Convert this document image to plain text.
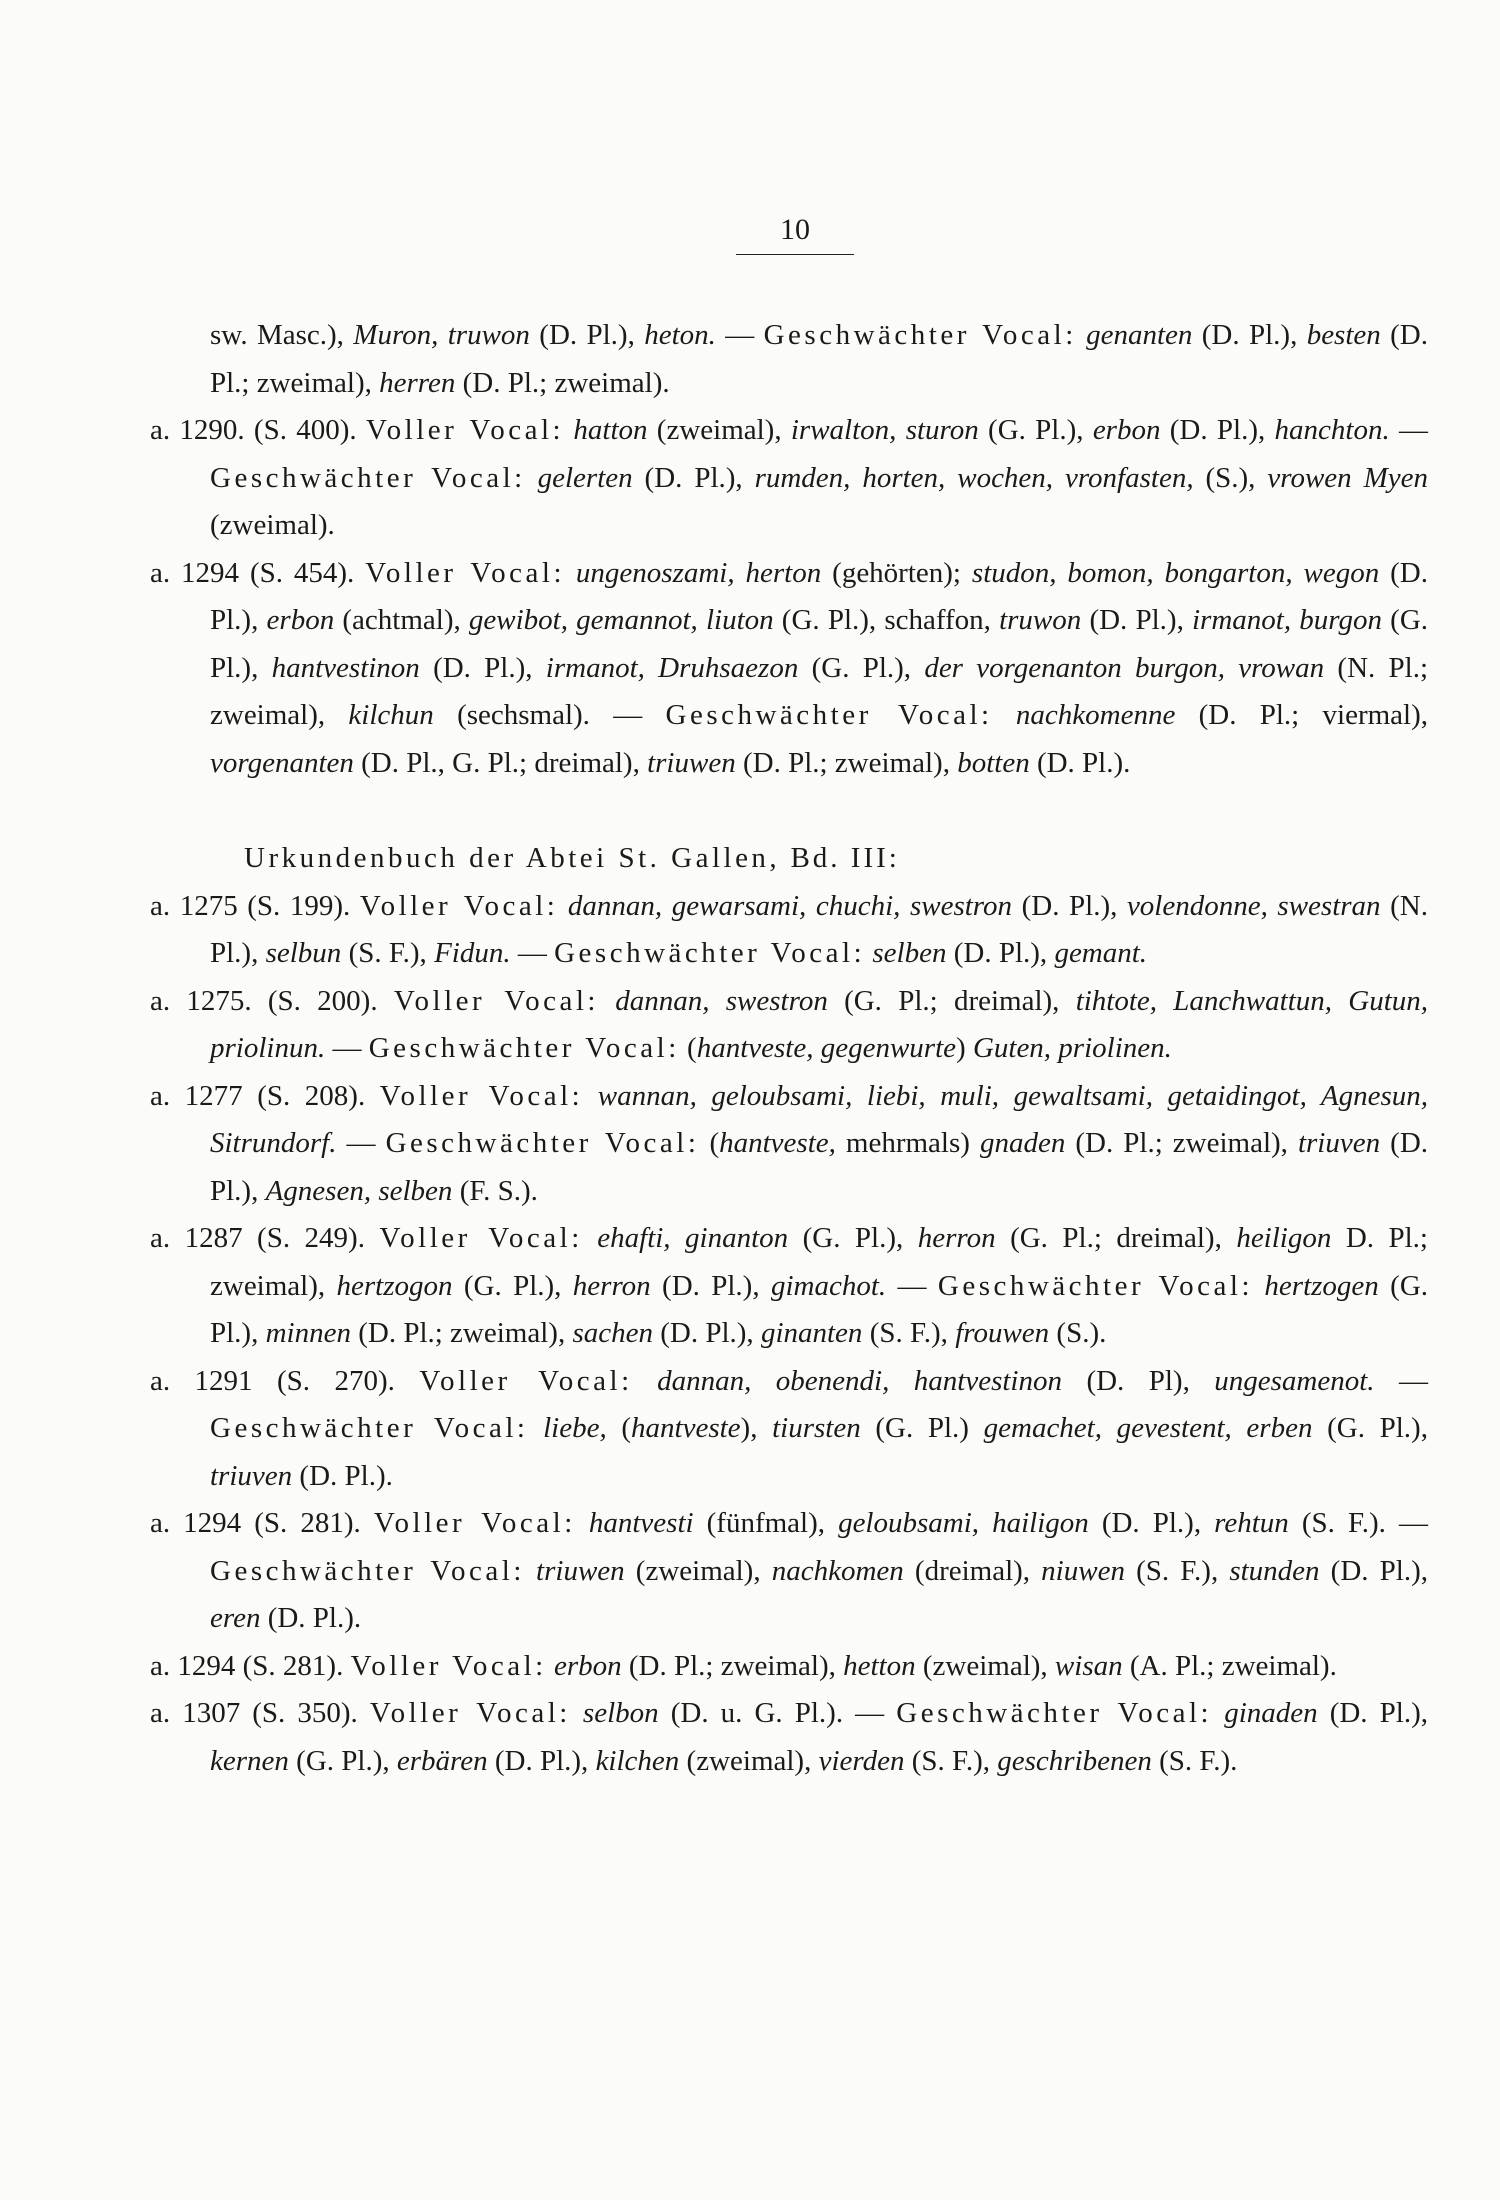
10

sw. Masc.), Muron, truwon (D. Pl.), heton. — Geschwächter Vocal: genanten (D. Pl.), besten (D. Pl.; zweimal), herren (D. Pl.; zweimal).

a. 1290. (S. 400). Voller Vocal: hatton (zweimal), irwalton, sturon (G. Pl.), erbon (D. Pl.), hanchton. — Geschwächter Vocal: gelerten (D. Pl.), rumden, horten, wochen, vronfasten, (S.), vrowen Myen (zweimal).

a. 1294 (S. 454). Voller Vocal: ungenoszami, herton (gehörten); studon, bomon, bongarton, wegon (D. Pl.), erbon (achtmal), gewibot, gemannot, liuton (G. Pl.), schaffon, truwon (D. Pl.), irmanot, burgon (G. Pl.), hantvestinon (D. Pl.), irmanot, Druhsaezon (G. Pl.), der vorgenanton burgon, vrowan (N. Pl.; zweimal), kilchun (sechsmal). — Geschwächter Vocal: nachkomenne (D. Pl.; viermal), vorgenanten (D. Pl., G. Pl.; dreimal), triuwen (D. Pl.; zweimal), botten (D. Pl.).

Urkundenbuch der Abtei St. Gallen, Bd. III:

a. 1275 (S. 199). Voller Vocal: dannan, gewarsami, chuchi, swestron (D. Pl.), volendonne, swestran (N. Pl.), selbun (S. F.), Fidun. — Geschwächter Vocal: selben (D. Pl.), gemant.

a. 1275. (S. 200). Voller Vocal: dannan, swestron (G. Pl.; dreimal), tihtote, Lanchwattun, Gutun, priolinun. — Geschwächter Vocal: (hantveste, gegenwurte) Guten, priolinen.

a. 1277 (S. 208). Voller Vocal: wannan, geloubsami, liebi, muli, gewaltsami, getaidingot, Agnesun, Sitrundorf. — Geschwächter Vocal: (hantveste, mehrmals) gnaden (D. Pl.; zweimal), triuven (D. Pl.), Agnesen, selben (F. S.).

a. 1287 (S. 249). Voller Vocal: ehafti, ginanton (G. Pl.), herron (G. Pl.; dreimal), heiligon D. Pl.; zweimal), hertzogon (G. Pl.), herron (D. Pl.), gimachot. — Geschwächter Vocal: hertzogen (G. Pl.), minnen (D. Pl.; zweimal), sachen (D. Pl.), ginanten (S. F.), frouwen (S.).

a. 1291 (S. 270). Voller Vocal: dannan, obenendi, hantvestinon (D. Pl), ungesamenot. — Geschwächter Vocal: liebe, (hantveste), tiursten (G. Pl.) gemachet, gevestent, erben (G. Pl.), triuven (D. Pl.).

a. 1294 (S. 281). Voller Vocal: hantvesti (fünfmal), geloubsami, hailigon (D. Pl.), rehtun (S. F.). — Geschwächter Vocal: triuwen (zweimal), nachkomen (dreimal), niuwen (S. F.), stunden (D. Pl.), eren (D. Pl.).

a. 1294 (S. 281). Voller Vocal: erbon (D. Pl.; zweimal), hetton (zweimal), wisan (A. Pl.; zweimal).

a. 1307 (S. 350). Voller Vocal: selbon (D. u. G. Pl.). — Geschwächter Vocal: ginaden (D. Pl.), kernen (G. Pl.), erbären (D. Pl.), kilchen (zweimal), vierden (S. F.), geschribenen (S. F.).
